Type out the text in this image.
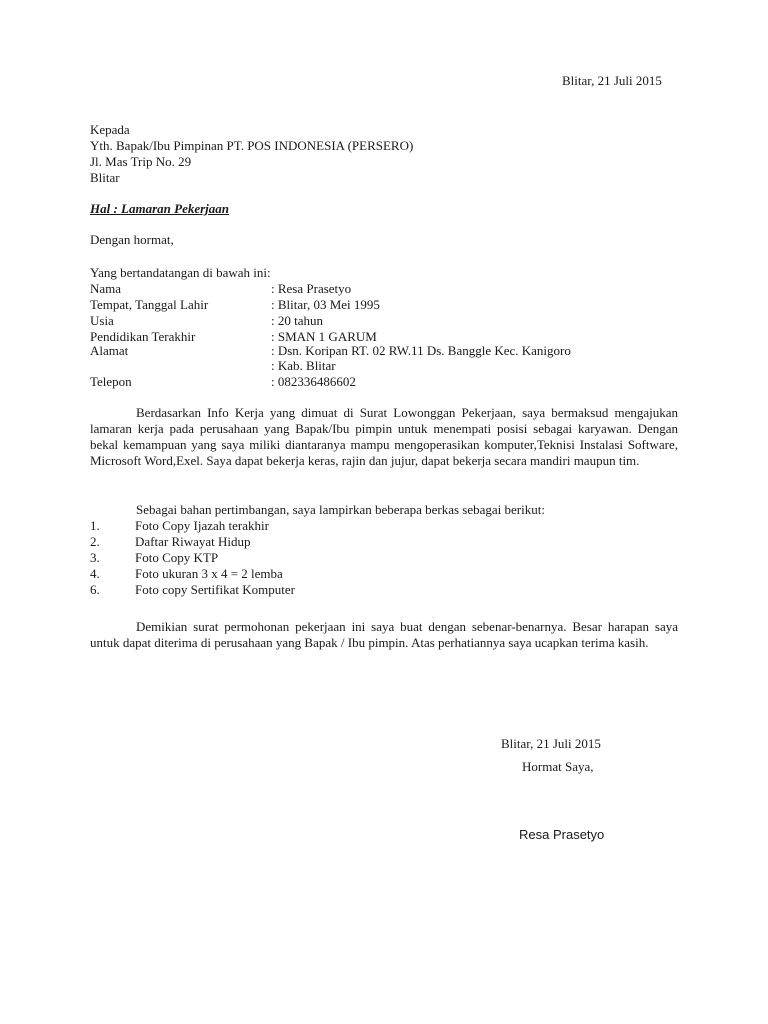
Blitar, 21 Juli 2015
Kepada
Yth. Bapak/Ibu Pimpinan PT. POS INDONESIA (PERSERO)
Jl. Mas Trip No. 29
Blitar
Hal : Lamaran Pekerjaan
Dengan hormat,
Yang bertandatangan di bawah ini:
Nama	: Resa Prasetyo
Tempat, Tanggal Lahir	: Blitar, 03 Mei 1995
Usia	: 20 tahun
Pendidikan Terakhir	: SMAN 1 GARUM
Alamat	: Dsn. Koripan RT. 02 RW.11 Ds. Banggle Kec. Kanigoro
: Kab. Blitar
Telepon	: 082336486602
Berdasarkan Info Kerja yang dimuat di Surat Lowonggan Pekerjaan, saya bermaksud mengajukan lamaran kerja pada perusahaan yang Bapak/Ibu pimpin untuk menempati posisi sebagai karyawan. Dengan bekal kemampuan yang saya miliki diantaranya mampu mengoperasikan komputer,Teknisi Instalasi Software, Microsoft Word,Exel. Saya dapat bekerja keras, rajin dan jujur, dapat bekerja secara mandiri maupun tim.
Sebagai bahan pertimbangan, saya lampirkan beberapa berkas sebagai berikut:
1.	Foto Copy Ijazah terakhir
2.	Daftar Riwayat Hidup
3.	Foto Copy KTP
4.	Foto ukuran 3 x 4 = 2 lemba
6.	Foto copy Sertifikat Komputer
Demikian surat permohonan pekerjaan ini saya buat dengan sebenar-benarnya. Besar harapan saya untuk dapat diterima di perusahaan yang Bapak / Ibu pimpin. Atas perhatiannya saya ucapkan terima kasih.
Blitar, 21 Juli 2015
Hormat Saya,
Resa Prasetyo
